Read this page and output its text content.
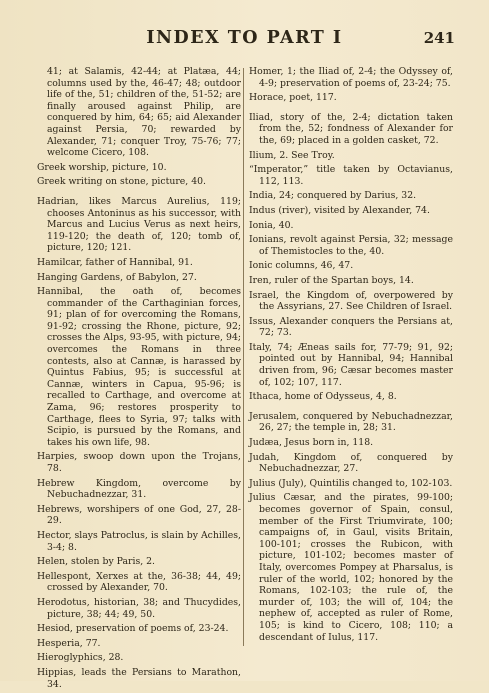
INDEX TO PART I	241
41; at Salamis, 42-44; at Platæa, 44; columns used by the, 46-47; 48; outdoor life of the, 51; children of the, 51-52; are finally aroused against Philip, are conquered by him, 64; 65; aid Alexander against Persia, 70; rewarded by Alexander, 71; conquer Troy, 75-76; 77; welcome Cicero, 108.
Greek worship, picture, 10.
Greek writing on stone, picture, 40.
Hadrian, likes Marcus Aurelius, 119; chooses Antoninus as his successor, with Marcus and Lucius Verus as next heirs, 119-120; the death of, 120; tomb of, picture, 120; 121.
Hamilcar, father of Hannibal, 91.
Hanging Gardens, of Babylon, 27.
Hannibal, the oath of, becomes commander of the Carthaginian forces, 91; plan of for overcoming the Romans, 91-92; crossing the Rhone, picture, 92; crosses the Alps, 93-95, with picture, 94; overcomes the Romans in three contests, also at Cannæ, is harassed by Quintus Fabius, 95; is successful at Cannæ, winters in Capua, 95-96; is recalled to Carthage, and overcome at Zama, 96; restores prosperity to Carthage, flees to Syria, 97; talks with Scipio, is pursued by the Romans, and takes his own life, 98.
Harpies, swoop down upon the Trojans, 78.
Hebrew Kingdom, overcome by Nebuchadnezzar, 31.
Hebrews, worshipers of one God, 27, 28-29.
Hector, slays Patroclus, is slain by Achilles, 3-4; 8.
Helen, stolen by Paris, 2.
Hellespont, Xerxes at the, 36-38; 44, 49; crossed by Alexander, 70.
Herodotus, historian, 38; and Thucydides, picture, 38; 44; 49, 50.
Hesiod, preservation of poems of, 23-24.
Hesperia, 77.
Hieroglyphics, 28.
Hippias, leads the Persians to Marathon, 34.
Homer, 1; the Iliad of, 2-4; the Odyssey of, 4-9; preservation of poems of, 23-24; 75.
Horace, poet, 117.
Iliad, story of the, 2-4; dictation taken from the, 52; fondness of Alexander for the, 69; placed in a golden casket, 72.
Ilium, 2. See Troy.
“Imperator,” title taken by Octavianus, 112, 113.
India, 24; conquered by Darius, 32.
Indus (river), visited by Alexander, 74.
Ionia, 40.
Ionians, revolt against Persia, 32; message of Themistocles to the, 40.
Ionic columns, 46, 47.
Iren, ruler of the Spartan boys, 14.
Israel, the Kingdom of, overpowered by the Assyrians, 27. See Children of Israel.
Issus, Alexander conquers the Persians at, 72; 73.
Italy, 74; Æneas sails for, 77-79; 91, 92; pointed out by Hannibal, 94; Hannibal driven from, 96; Cæsar becomes master of, 102; 107, 117.
Ithaca, home of Odysseus, 4, 8.
Jerusalem, conquered by Nebuchadnezzar, 26, 27; the temple in, 28; 31.
Judæa, Jesus born in, 118.
Judah, Kingdom of, conquered by Nebuchadnezzar, 27.
Julius (July), Quintilis changed to, 102-103.
Julius Cæsar, and the pirates, 99-100; becomes governor of Spain, consul, member of the First Triumvirate, 100; campaigns of, in Gaul, visits Britain, 100-101; crosses the Rubicon, with picture, 101-102; becomes master of Italy, overcomes Pompey at Pharsalus, is ruler of the world, 102; honored by the Romans, 102-103; the rule of, the murder of, 103; the will of, 104; the nephew of, accepted as ruler of Rome, 105; is kind to Cicero, 108; 110; a descendant of Iulus, 117.
